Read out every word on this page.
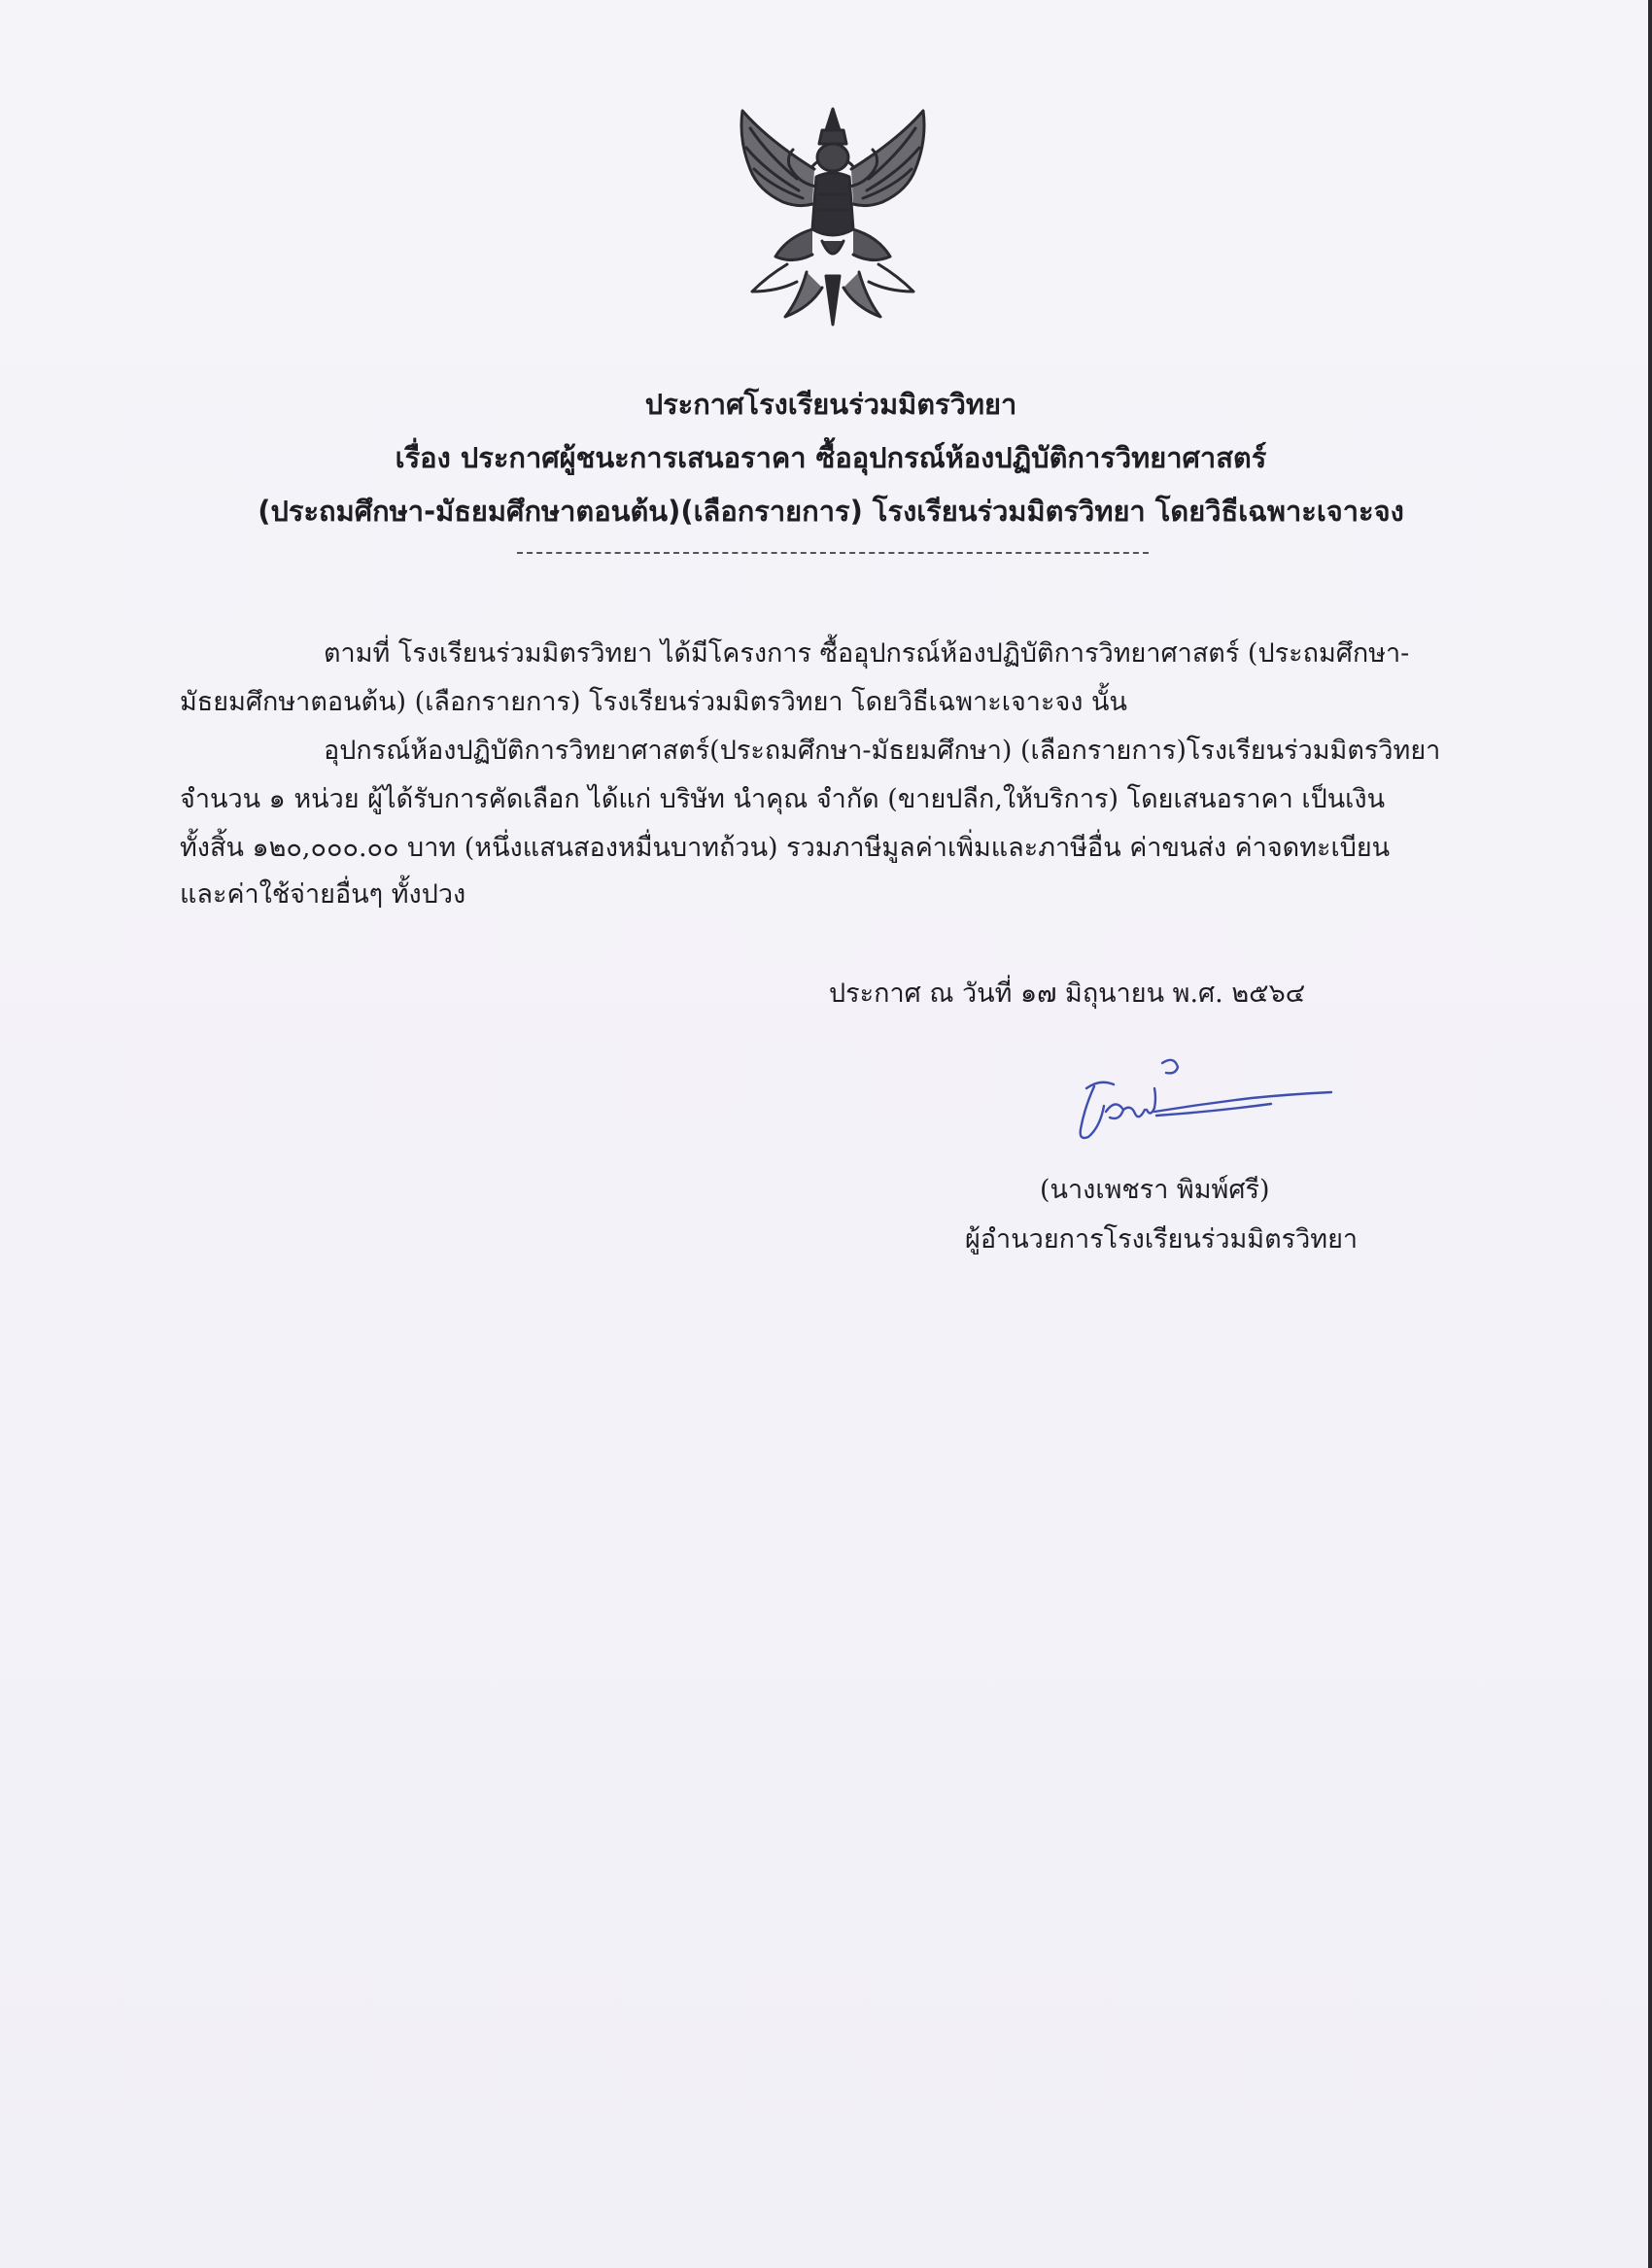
ประกาศโรงเรียนร่วมมิตรวิทยา
เรื่อง ประกาศผู้ชนะการเสนอราคา ซื้ออุปกรณ์ห้องปฏิบัติการวิทยาศาสตร์
(ประถมศึกษา-มัธยมศึกษาตอนต้น)(เลือกรายการ) โรงเรียนร่วมมิตรวิทยา โดยวิธีเฉพาะเจาะจง
ตามที่ โรงเรียนร่วมมิตรวิทยา ได้มีโครงการ ซื้ออุปกรณ์ห้องปฏิบัติการวิทยาศาสตร์ (ประถมศึกษา-
มัธยมศึกษาตอนต้น) (เลือกรายการ) โรงเรียนร่วมมิตรวิทยา โดยวิธีเฉพาะเจาะจง นั้น
อุปกรณ์ห้องปฏิบัติการวิทยาศาสตร์(ประถมศึกษา-มัธยมศึกษา) (เลือกรายการ)โรงเรียนร่วมมิตรวิทยา
จำนวน ๑ หน่วย ผู้ได้รับการคัดเลือก ได้แก่ บริษัท นำคุณ จำกัด (ขายปลีก,ให้บริการ) โดยเสนอราคา เป็นเงิน
ทั้งสิ้น ๑๒๐,๐๐๐.๐๐ บาท (หนึ่งแสนสองหมื่นบาทถ้วน) รวมภาษีมูลค่าเพิ่มและภาษีอื่น ค่าขนส่ง ค่าจดทะเบียน
และค่าใช้จ่ายอื่นๆ ทั้งปวง
ประกาศ ณ วันที่ ๑๗ มิถุนายน พ.ศ. ๒๕๖๔
(นางเพชรา พิมพ์ศรี)
ผู้อำนวยการโรงเรียนร่วมมิตรวิทยา
